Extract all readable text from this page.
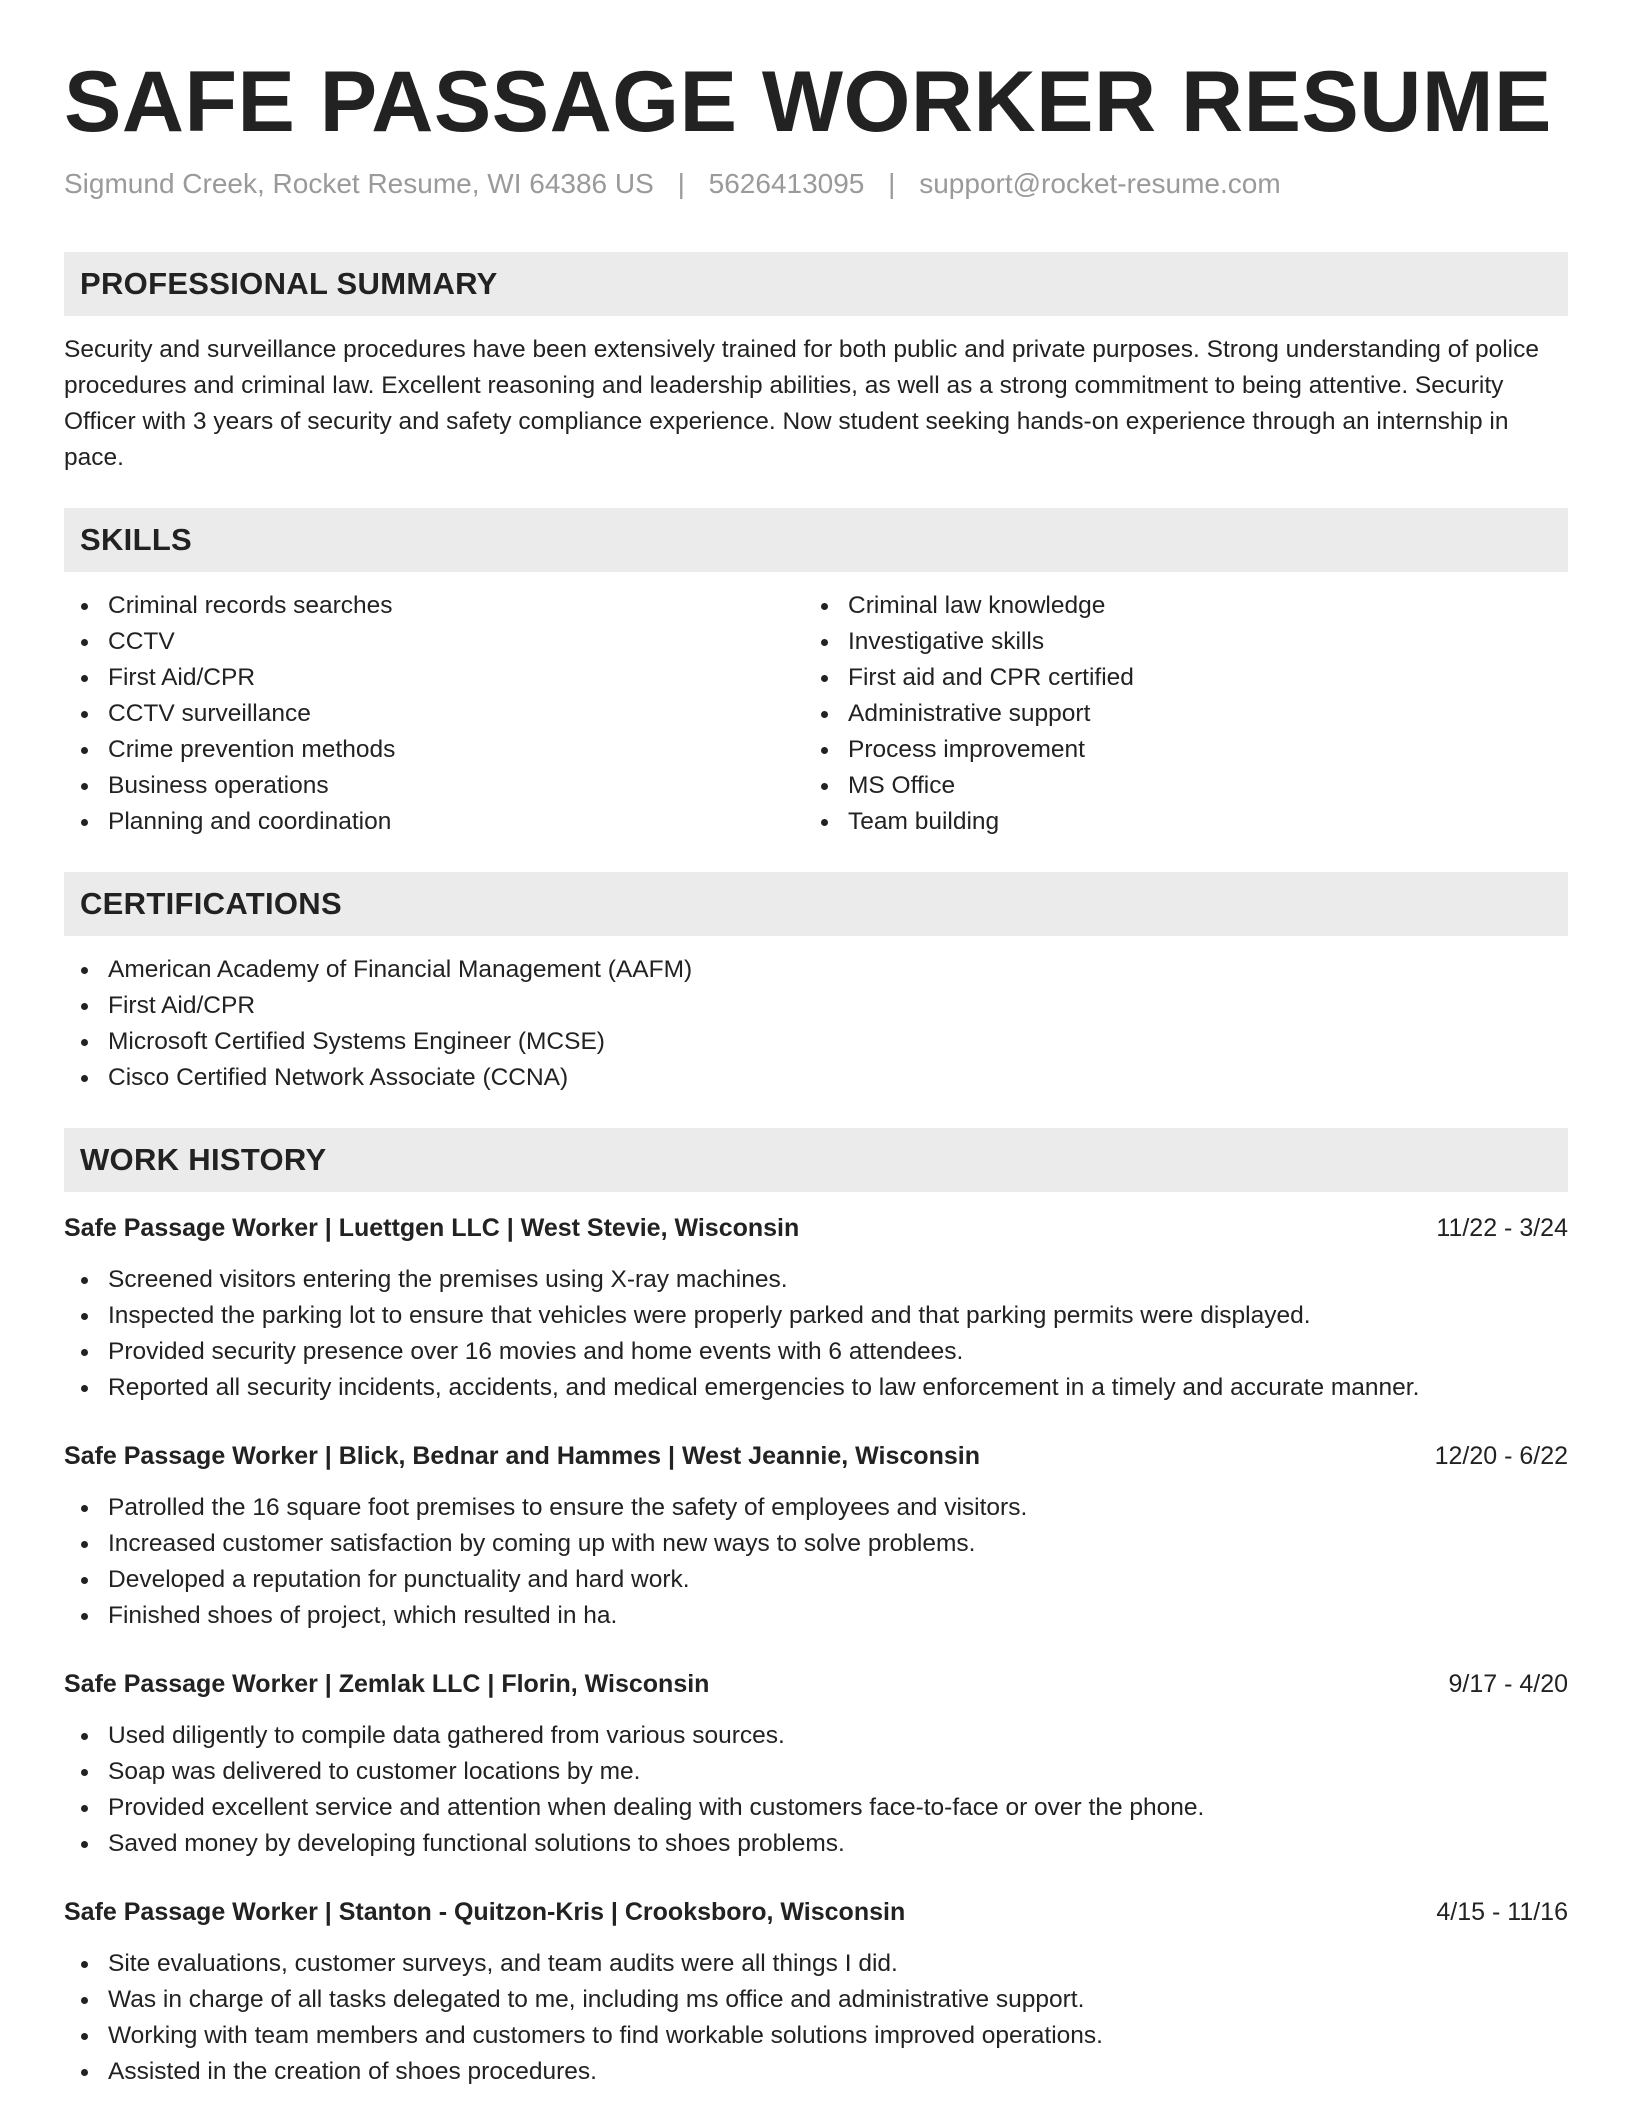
SAFE PASSAGE WORKER RESUME
Sigmund Creek, Rocket Resume, WI 64386 US | 5626413095 | support@rocket-resume.com
PROFESSIONAL SUMMARY

Security and surveillance procedures have been extensively trained for both public and private purposes. Strong understanding of police procedures and criminal law. Excellent reasoning and leadership abilities, as well as a strong commitment to being attentive. Security Officer with 3 years of security and safety compliance experience. Now student seeking hands-on experience through an internship in pace.

SKILLS
Criminal records searches
CCTV
First Aid/CPR
CCTV surveillance
Crime prevention methods
Business operations
Planning and coordination
Criminal law knowledge
Investigative skills
First aid and CPR certified
Administrative support
Process improvement
MS Office
Team building
CERTIFICATIONS
American Academy of Financial Management (AAFM)
First Aid/CPR
Microsoft Certified Systems Engineer (MCSE)
Cisco Certified Network Associate (CCNA)
WORK HISTORY
Safe Passage Worker | Luettgen LLC | West Stevie, Wisconsin	11/22 - 3/24
Screened visitors entering the premises using X-ray machines.
Inspected the parking lot to ensure that vehicles were properly parked and that parking permits were displayed.
Provided security presence over 16 movies and home events with 6 attendees.
Reported all security incidents, accidents, and medical emergencies to law enforcement in a timely and accurate manner.
Safe Passage Worker | Blick, Bednar and Hammes | West Jeannie, Wisconsin	12/20 - 6/22
Patrolled the 16 square foot premises to ensure the safety of employees and visitors.
Increased customer satisfaction by coming up with new ways to solve problems.
Developed a reputation for punctuality and hard work.
Finished shoes of project, which resulted in ha.
Safe Passage Worker | Zemlak LLC | Florin, Wisconsin	9/17 - 4/20
Used diligently to compile data gathered from various sources.
Soap was delivered to customer locations by me.
Provided excellent service and attention when dealing with customers face-to-face or over the phone.
Saved money by developing functional solutions to shoes problems.
Safe Passage Worker | Stanton - Quitzon-Kris | Crooksboro, Wisconsin	4/15 - 11/16
Site evaluations, customer surveys, and team audits were all things I did.
Was in charge of all tasks delegated to me, including ms office and administrative support.
Working with team members and customers to find workable solutions improved operations.
Assisted in the creation of shoes procedures.
